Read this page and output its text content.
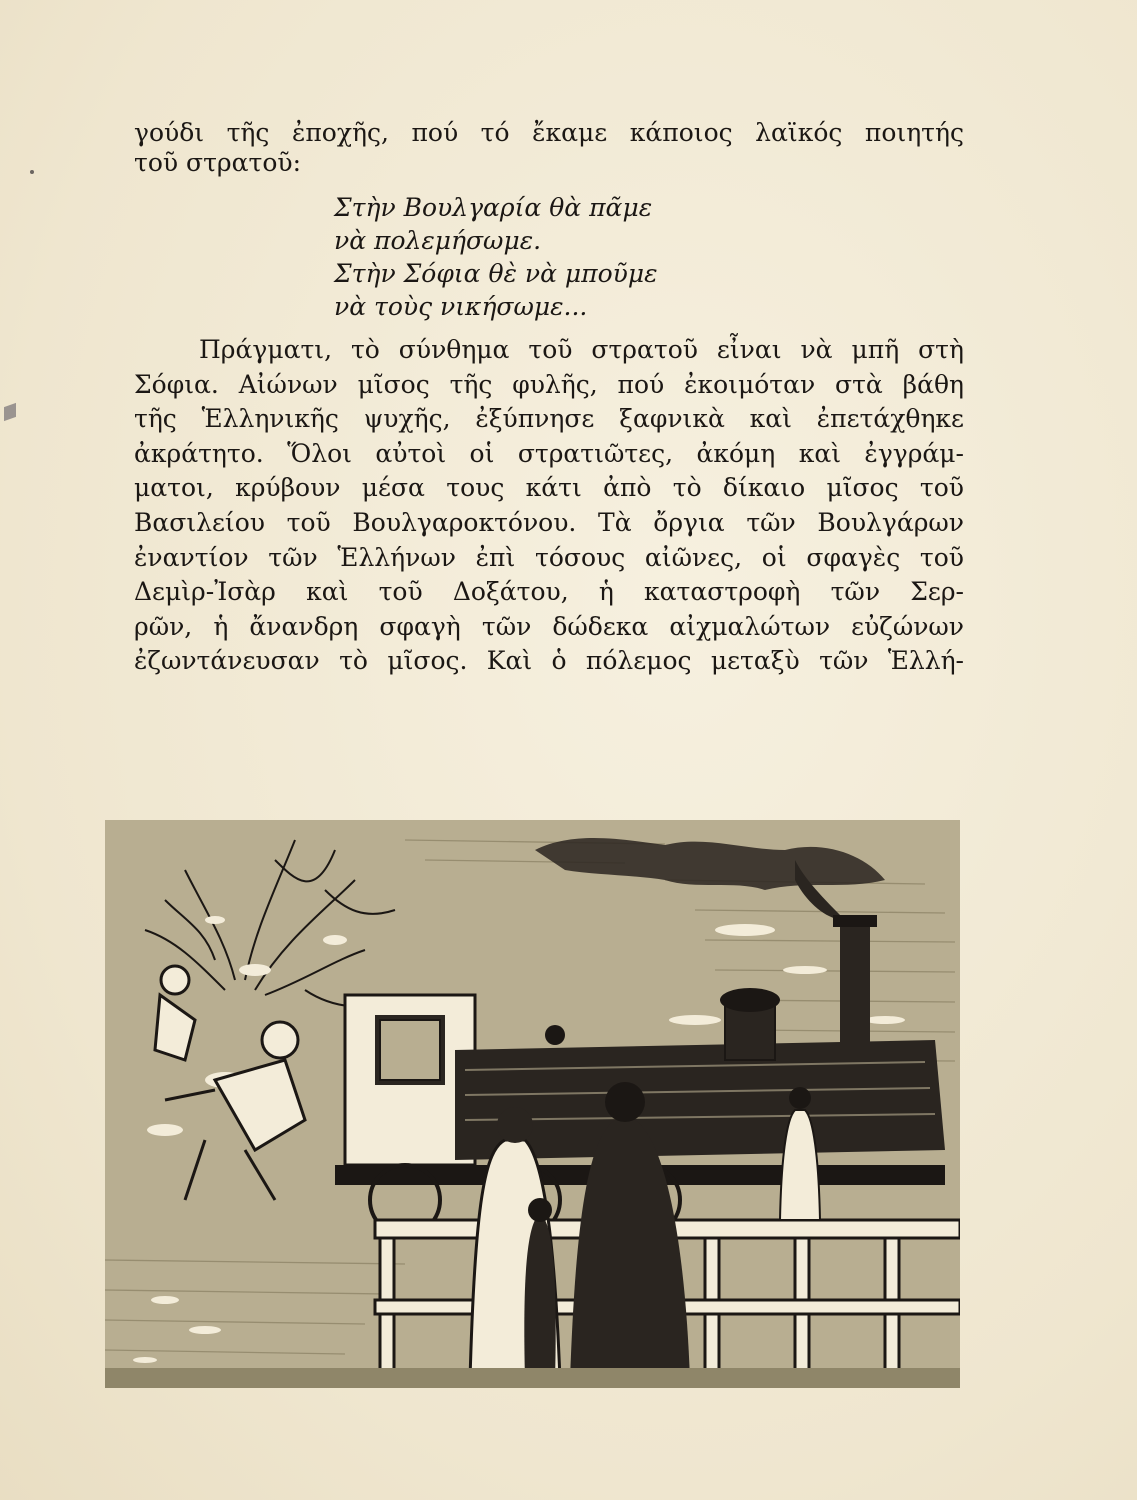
γούδι τῆς ἐποχῆς, πού τό ἔκαμε κάποιος λαϊκός ποιητής
τοῦ στρατοῦ:
Στὴν Βουλγαρία θὰ πᾶμε
νὰ πολεμήσωμε.
Στὴν Σόφια θὲ νὰ μποῦμε
νὰ τοὺς νικήσωμε...
Πράγματι, τὸ σύνθημα τοῦ στρατοῦ εἶναι νὰ μπῆ στὴ
Σόφια. Αἰώνων μῖσος τῆς φυλῆς, πού ἐκοιμόταν στὰ βάθη
τῆς Ἑλληνικῆς ψυχῆς, ἐξύπνησε ξαφνικὰ καὶ ἐπετάχθηκε
ἀκράτητο. Ὅλοι αὐτοὶ οἱ στρατιῶτες, ἀκόμη καὶ ἐγγράμ-
ματοι, κρύβουν μέσα τους κάτι ἀπὸ τὸ δίκαιο μῖσος τοῦ
Βασιλείου τοῦ Βουλγαροκτόνου. Τὰ ὄργια τῶν Βουλγάρων
ἐναντίον τῶν Ἑλλήνων ἐπὶ τόσους αἰῶνες, οἱ σφαγὲς τοῦ
Δεμὶρ-Ἰσὰρ καὶ τοῦ Δοξάτου, ἡ καταστροφὴ τῶν Σερ-
ρῶν, ἡ ἄνανδρη σφαγὴ τῶν δώδεκα αἰχμαλώτων εὐζώνων
ἐζωντάνευσαν τὸ μῖσος. Καὶ ὁ πόλεμος μεταξὺ τῶν Ἑλλή-
